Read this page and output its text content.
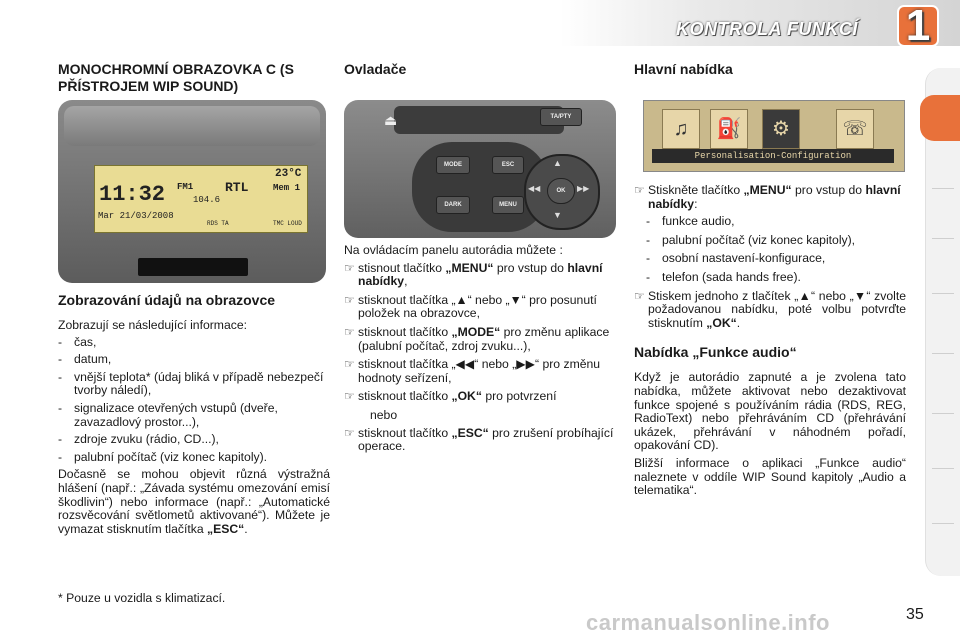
KONTROLA FUNKCÍ 1

MONOCHROMNÍ OBRAZOVKA C (S PŘÍSTROJEM WIP SOUND)

23°C
11:32 FM1 RTL	Mem 1
104.6
Mar 21/03/2008
RDS TA	TMC LOUD

Zobrazování údajů na obrazovce

Zobrazují se následující informace:

- čas,
- datum,
- vnější teplota* (údaj bliká v případě nebezpečí tvorby náledí),
- signalizace otevřených vstupů (dveře, zavazadlový prostor...),
- zdroje zvuku (rádio, CD...),
- palubní počítač (viz konec kapitoly).

Dočasně se mohou objevit různá výstražná hlášení (např.: „Závada systému omezování emisí škodlivin“) nebo informace (např.: „Automatické rozsvěcování světlometů aktivované“). Můžete je vymazat stisknutím tlačítka „ESC“.

* Pouze u vozidla s klimatizací.

Ovladače

⏏	TA/PTY
MODE
DARK
ESC
MENU
OK
▲
▼
◀◀	▶▶

Na ovládacím panelu autorádia můžete :

☞ stisnout tlačítko „MENU“ pro vstup do hlavní nabídky,
☞ stisknout tlačítka „▲“ nebo „▼“ pro posunutí položek na obrazovce,
☞ stisknout tlačítko „MODE“ pro změnu aplikace (palubní počítač, zdroj zvuku...),
☞ stisknout tlačítka „◀◀“ nebo „▶▶“ pro změnu hodnoty seřízení,
☞ stisknout tlačítko „OK“ pro potvrzení

nebo

☞ stisknout tlačítko „ESC“ pro zrušení probíhající operace.

Hlavní nabídka

♫	⛽	⚙	☏
Personalisation-Configuration
☞ Stiskněte tlačítko „MENU“ pro vstup do hlavní nabídky:
- funkce audio,
- palubní počítač (viz konec kapitoly),
- osobní nastavení-konfigurace,
- telefon (sada hands free).
☞ Stiskem jednoho z tlačítek „▲“ nebo „▼“ zvolte požadovanou nabídku, poté volbu potvrďte stisknutím „OK“.

Nabídka „Funkce audio“

Když je autorádio zapnuté a je zvolena tato nabídka, můžete aktivovat nebo dezaktivovat funkce spojené s používáním rádia (RDS, REG, RadioText) nebo přehráváním CD (přehrávání ukázek, přehrávání v náhodném pořadí, opakování CD).

Bližší informace o aplikaci „Funkce audio“ naleznete v oddíle WIP Sound kapitoly „Audio a telematika“.

35
carmanualsonline.info
